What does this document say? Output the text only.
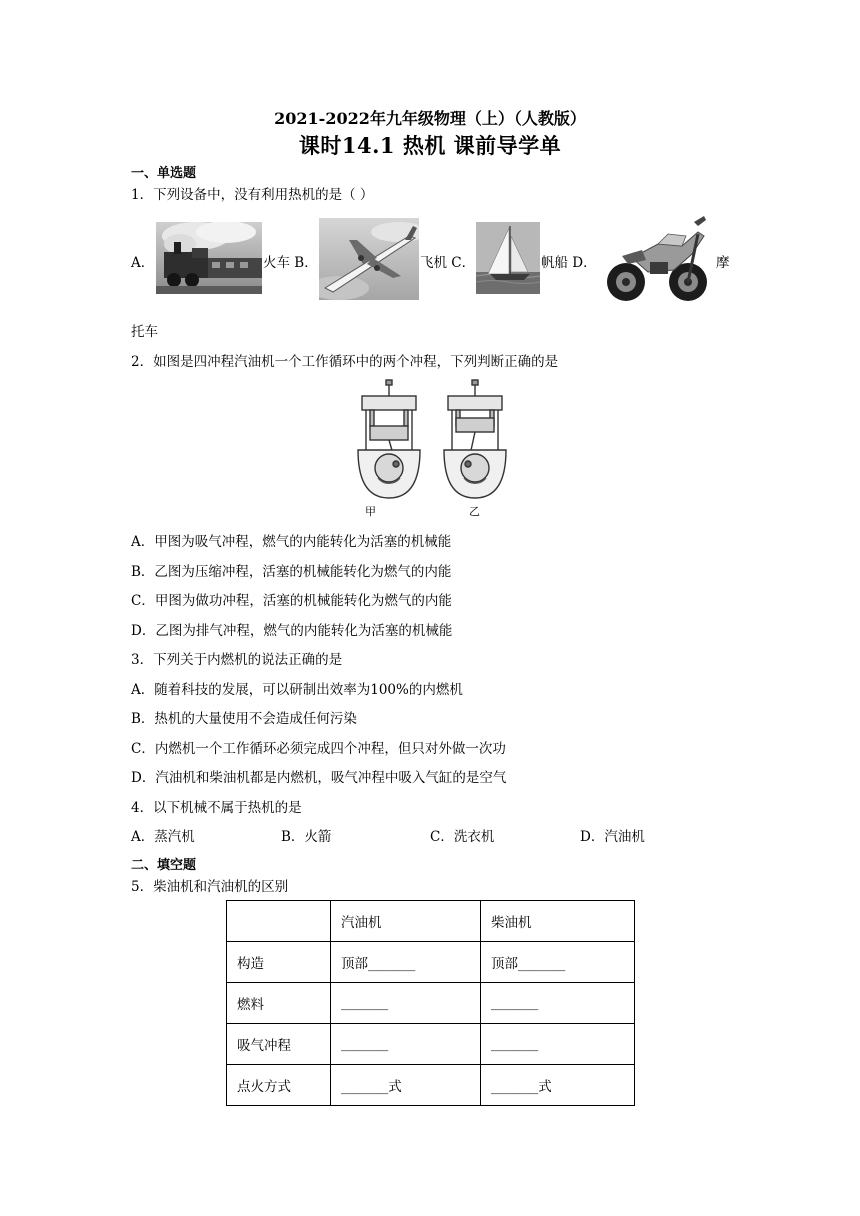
2021-2022年九年级物理（上）（人教版）
课时14.1 热机 课前导学单
一、单选题
1．下列设备中，没有利用热机的是（ ）
A．	火车 B．	飞机 C．	帆船 D．	摩
托车
2．如图是四冲程汽油机一个工作循环中的两个冲程，下列判断正确的是
甲	乙
A．甲图为吸气冲程，燃气的内能转化为活塞的机械能
B．乙图为压缩冲程，活塞的机械能转化为燃气的内能
C．甲图为做功冲程，活塞的机械能转化为燃气的内能
D．乙图为排气冲程，燃气的内能转化为活塞的机械能
3．下列关于内燃机的说法正确的是
A．随着科技的发展，可以研制出效率为100%的内燃机
B．热机的大量使用不会造成任何污染
C．内燃机一个工作循环必须完成四个冲程，但只对外做一次功
D．汽油机和柴油机都是内燃机，吸气冲程中吸入气缸的是空气
4．以下机械不属于热机的是
A．蒸汽机	B．火箭	C．洗衣机	D．汽油机
二、填空题
5．柴油机和汽油机的区别
	汽油机	柴油机
构造	顶部_______	顶部_______
燃料	_______	_______
吸气冲程	_______	_______
点火方式	_______式	_______式
